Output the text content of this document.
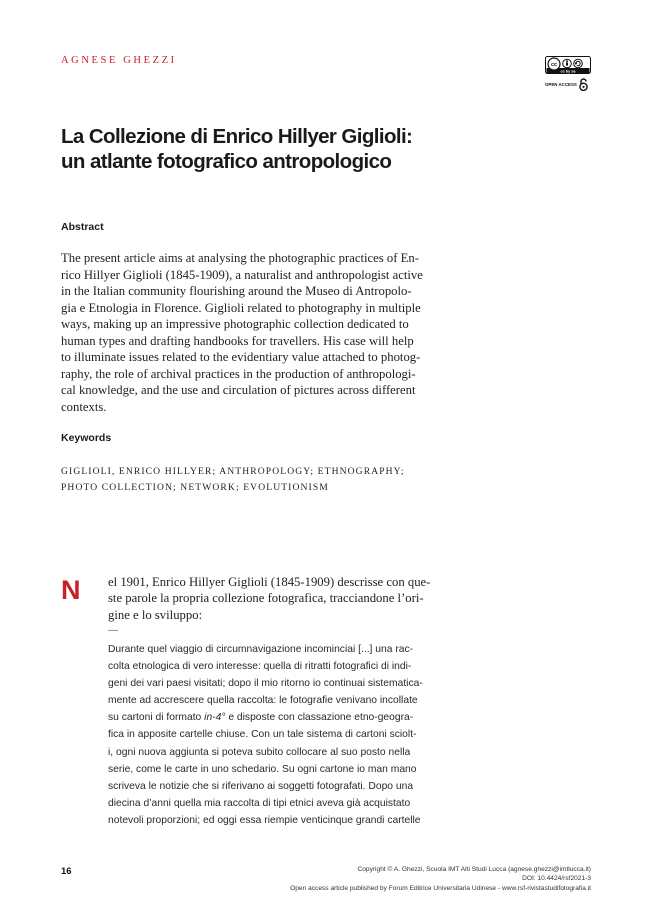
AGNESE GHEZZI	cc
cc by sa
OPEN ACCESS
La Collezione di Enrico Hillyer Giglioli:
un atlante fotografico antropologico
Abstract

The present article aims at analysing the photographic practices of En-
rico Hillyer Giglioli (1845-1909), a naturalist and anthropologist active
in the Italian community flourishing around the Museo di Antropolo-
gia e Etnologia in Florence. Giglioli related to photography in multiple
ways, making up an impressive photographic collection dedicated to
human types and drafting handbooks for travellers. His case will help
to illuminate issues related to the evidentiary value attached to photog-
raphy, the role of archival practices in the production of anthropologi-
cal knowledge, and the use and circulation of pictures across different
contexts.

Keywords
GIGLIOLI, ENRICO HILLYER; ANTHROPOLOGY; ETHNOGRAPHY;
PHOTO COLLECTION; NETWORK; EVOLUTIONISM
N el 1901, Enrico Hillyer Giglioli (1845-1909) descrisse con que-
ste parole la propria collezione fotografica, tracciandone l’ori-
gine e lo sviluppo:

—

Durante quel viaggio di circumnavigazione incominciai [...] una rac-
colta etnologica di vero interesse: quella di ritratti fotografici di indi-
geni dei vari paesi visitati; dopo il mio ritorno io continuai sistematica-
mente ad accrescere quella raccolta: le fotografie venivano incollate
su cartoni di formato in-4° e disposte con classazione etno-geogra-
fica in apposite cartelle chiuse. Con un tale sistema di cartoni sciolt-
i, ogni nuova aggiunta si poteva subito collocare al suo posto nella
serie, come le carte in uno schedario. Su ogni cartone io man mano
scriveva le notizie che si riferivano ai soggetti fotografati. Dopo una
diecina d’anni quella mia raccolta di tipi etnici aveva già acquistato
notevoli proporzioni; ed oggi essa riempie venticinque grandi cartelle

16	Copyright © A. Ghezzi, Scuola IMT Alti Studi Lucca (agnese.ghezzi@imtlucca.it)
DOI: 10.4424/rsf2021-3
Open access article published by Forum Editrice Universitaria Udinese - www.rsf-rivistastudifotografia.it
